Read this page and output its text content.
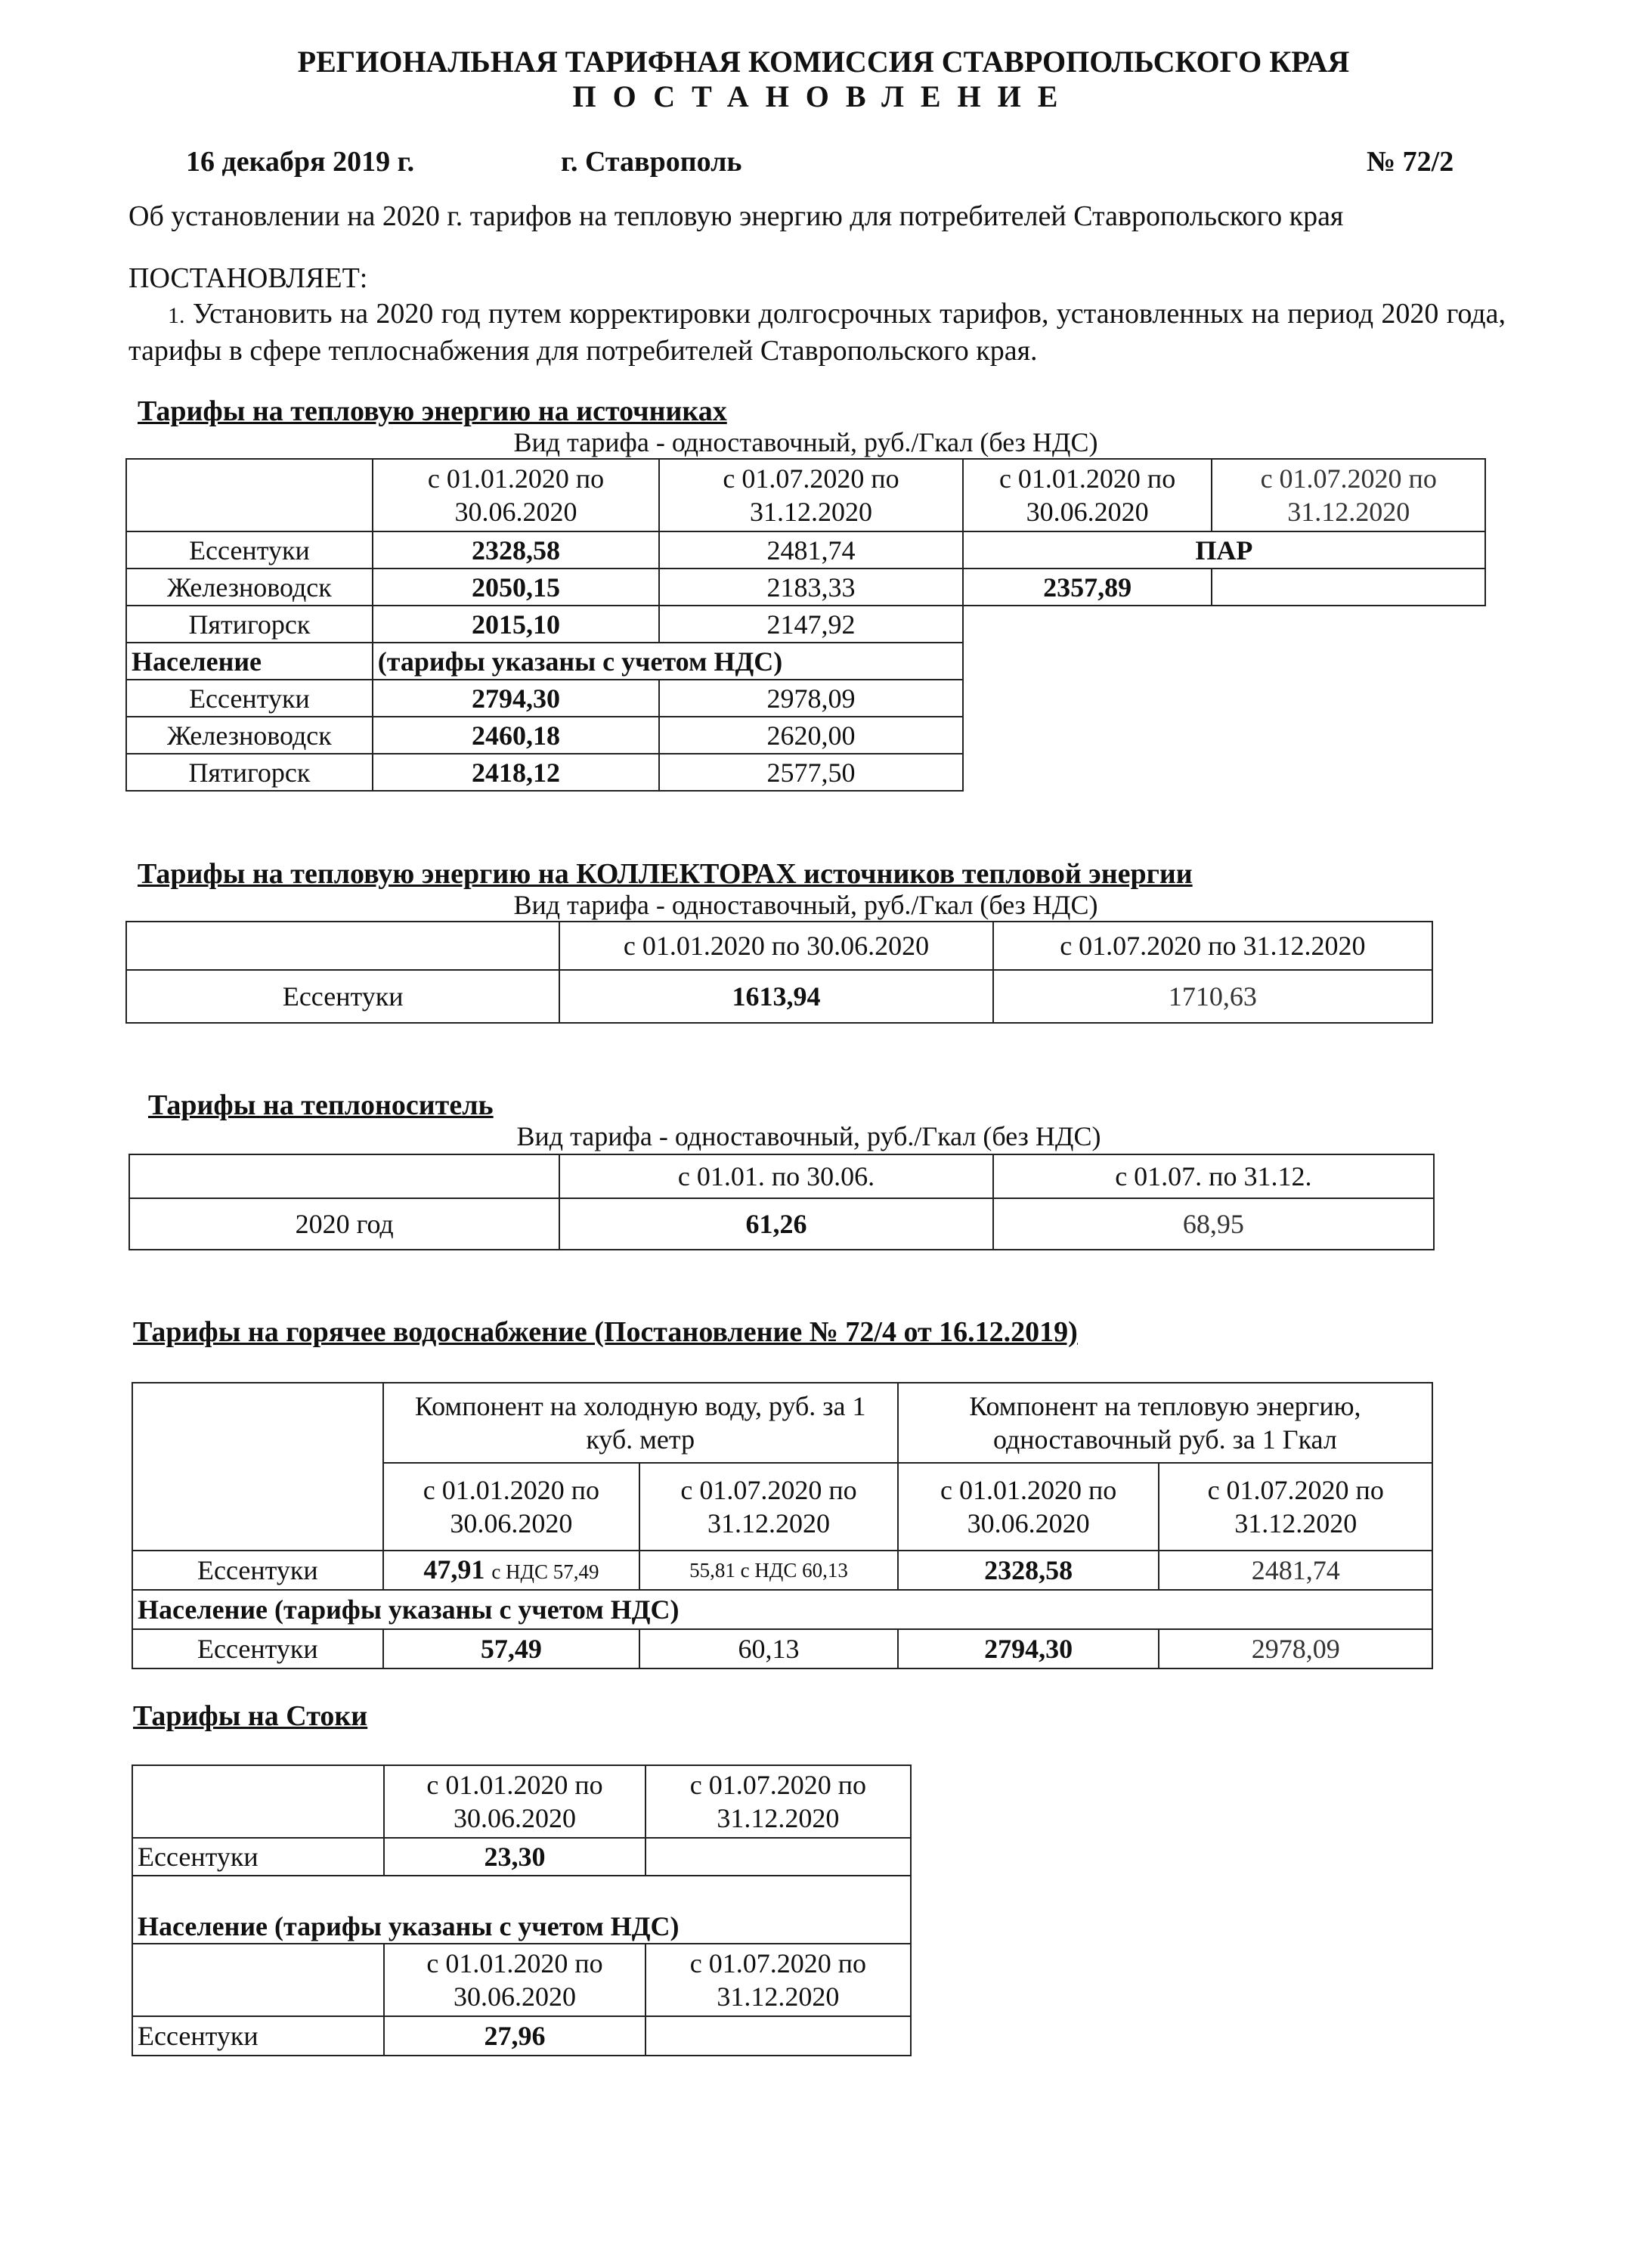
РЕГИОНАЛЬНАЯ ТАРИФНАЯ КОМИССИЯ СТАВРОПОЛЬСКОГО КРАЯ
ПОСТАНОВЛЕНИЕ
16 декабря 2019 г.	г. Ставрополь	№ 72/2
Об установлении на 2020 г. тарифов на тепловую энергию для потребителей Ставропольского края
ПОСТАНОВЛЯЕТ:
1. Установить на 2020 год путем корректировки долгосрочных тарифов, установленных на период 2020 года, тарифы в сфере теплоснабжения для потребителей Ставропольского края.
Тарифы на тепловую энергию на источниках
Вид тарифа - одноставочный, руб./Гкал (без НДС)
	с 01.01.2020 по 30.06.2020	с 01.07.2020 по 31.12.2020	с 01.01.2020 по 30.06.2020	с 01.07.2020 по 31.12.2020
Ессентуки	2328,58	2481,74	ПАР	
Железноводск	2050,15	2183,33	2357,89	
Пятигорск	2015,10	2147,92		
Население	(тарифы указаны с учетом НДС)			
Ессентуки	2794,30	2978,09		
Железноводск	2460,18	2620,00		
Пятигорск	2418,12	2577,50		
Тарифы на тепловую энергию на КОЛЛЕКТОРАХ источников тепловой энергии
Вид тарифа - одноставочный, руб./Гкал (без НДС)
	с 01.01.2020 по 30.06.2020	с 01.07.2020 по 31.12.2020
Ессентуки	1613,94	1710,63
Тарифы на теплоноситель
Вид тарифа - одноставочный, руб./Гкал (без НДС)
	с 01.01. по 30.06.	с 01.07. по 31.12.
2020 год	61,26	68,95
Тарифы на горячее водоснабжение (Постановление № 72/4 от 16.12.2019)
	Компонент на холодную воду, руб. за 1 куб. метр		Компонент на тепловую энергию, одноставочный руб. за 1 Гкал	
	с 01.01.2020 по 30.06.2020	с 01.07.2020 по 31.12.2020	с 01.01.2020 по 30.06.2020	с 01.07.2020 по 31.12.2020
Ессентуки	47,91 с НДС 57,49	55,81 с НДС 60,13	2328,58	2481,74
Население (тарифы указаны с учетом НДС)				
Ессентуки	57,49	60,13	2794,30	2978,09
Тарифы на Стоки
	с 01.01.2020 по 30.06.2020	с 01.07.2020 по 31.12.2020
Ессентуки	23,30	
Население (тарифы указаны с учетом НДС)		
	с 01.01.2020 по 30.06.2020	с 01.07.2020 по 31.12.2020
Ессентуки	27,96	
